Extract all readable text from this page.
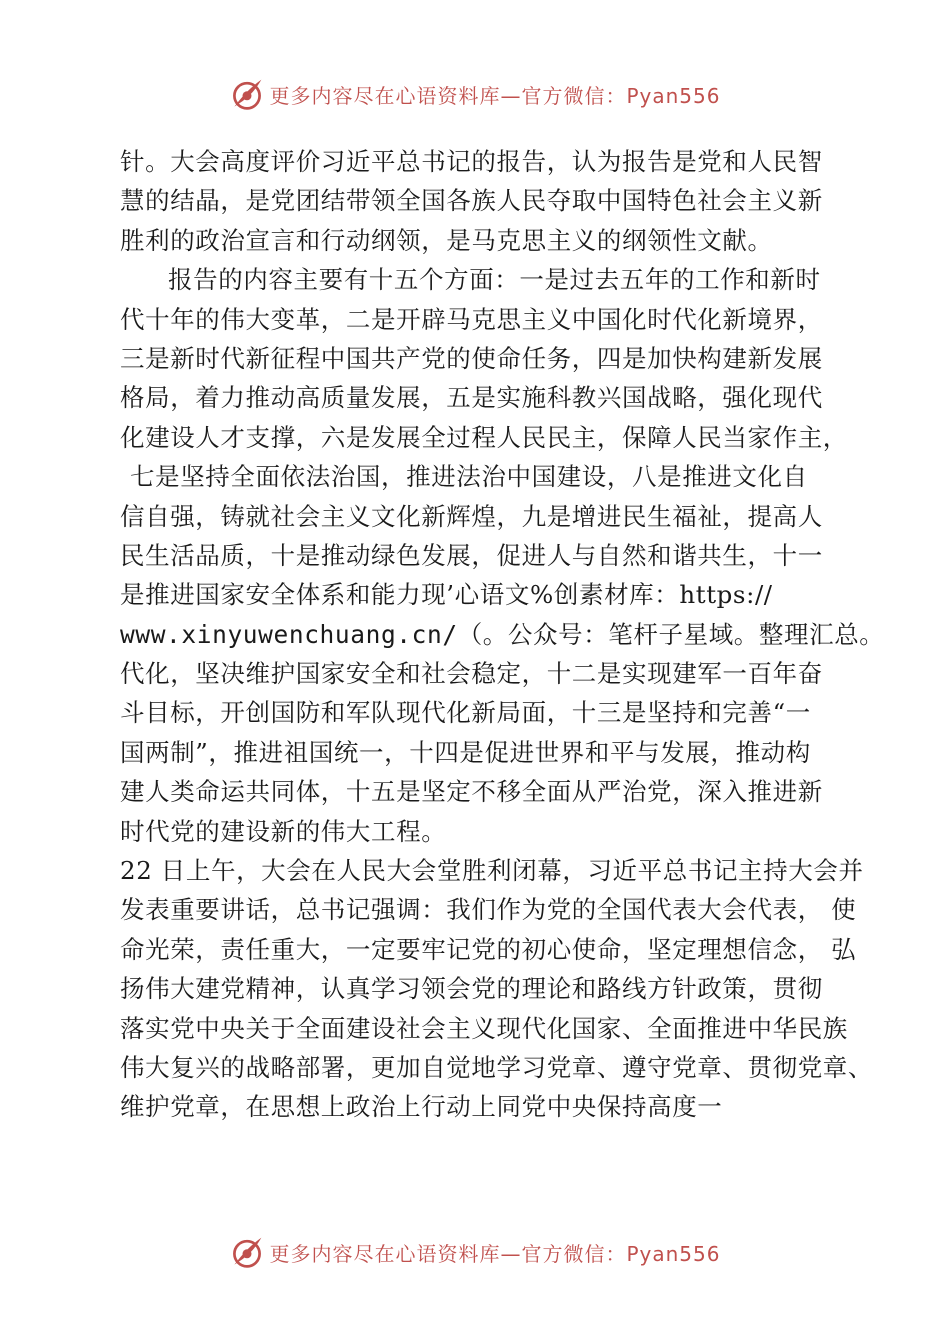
更多内容尽在心语资料库—官方微信：Pyan556
针。大会高度评价习近平总书记的报告，认为报告是党和人民智
慧的结晶，是党团结带领全国各族人民夺取中国特色社会主义新
胜利的政治宣言和行动纲领，是马克思主义的纲领性文献。
报告的内容主要有十五个方面：一是过去五年的工作和新时
代十年的伟大变革，二是开辟马克思主义中国化时代化新境界，
三是新时代新征程中国共产党的使命任务，四是加快构建新发展
格局，着力推动高质量发展，五是实施科教兴国战略，强化现代
化建设人才支撑，六是发展全过程人民民主，保障人民当家作主，
七是坚持全面依法治国，推进法治中国建设，八是推进文化自
信自强，铸就社会主义文化新辉煌，九是增进民生福祉，提高人
民生活品质，十是推动绿色发展，促进人与自然和谐共生，十一
是推进国家安全体系和能力现’心语文%创素材库：https://
www.xinyuwenchuang.cn/（。公众号：笔杆子星域。整理汇总。
代化，坚决维护国家安全和社会稳定，十二是实现建军一百年奋
斗目标，开创国防和军队现代化新局面，十三是坚持和完善“一
国两制”，推进祖国统一，十四是促进世界和平与发展，推动构
建人类命运共同体，十五是坚定不移全面从严治党，深入推进新
时代党的建设新的伟大工程。
22 日上午，大会在人民大会堂胜利闭幕，习近平总书记主持大会并
发表重要讲话，总书记强调：我们作为党的全国代表大会代表， 使
命光荣，责任重大，一定要牢记党的初心使命，坚定理想信念， 弘
扬伟大建党精神，认真学习领会党的理论和路线方针政策，贯彻
落实党中央关于全面建设社会主义现代化国家、全面推进中华民族
伟大复兴的战略部署，更加自觉地学习党章、遵守党章、贯彻党章、
维护党章，在思想上政治上行动上同党中央保持高度一
更多内容尽在心语资料库—官方微信：Pyan556
